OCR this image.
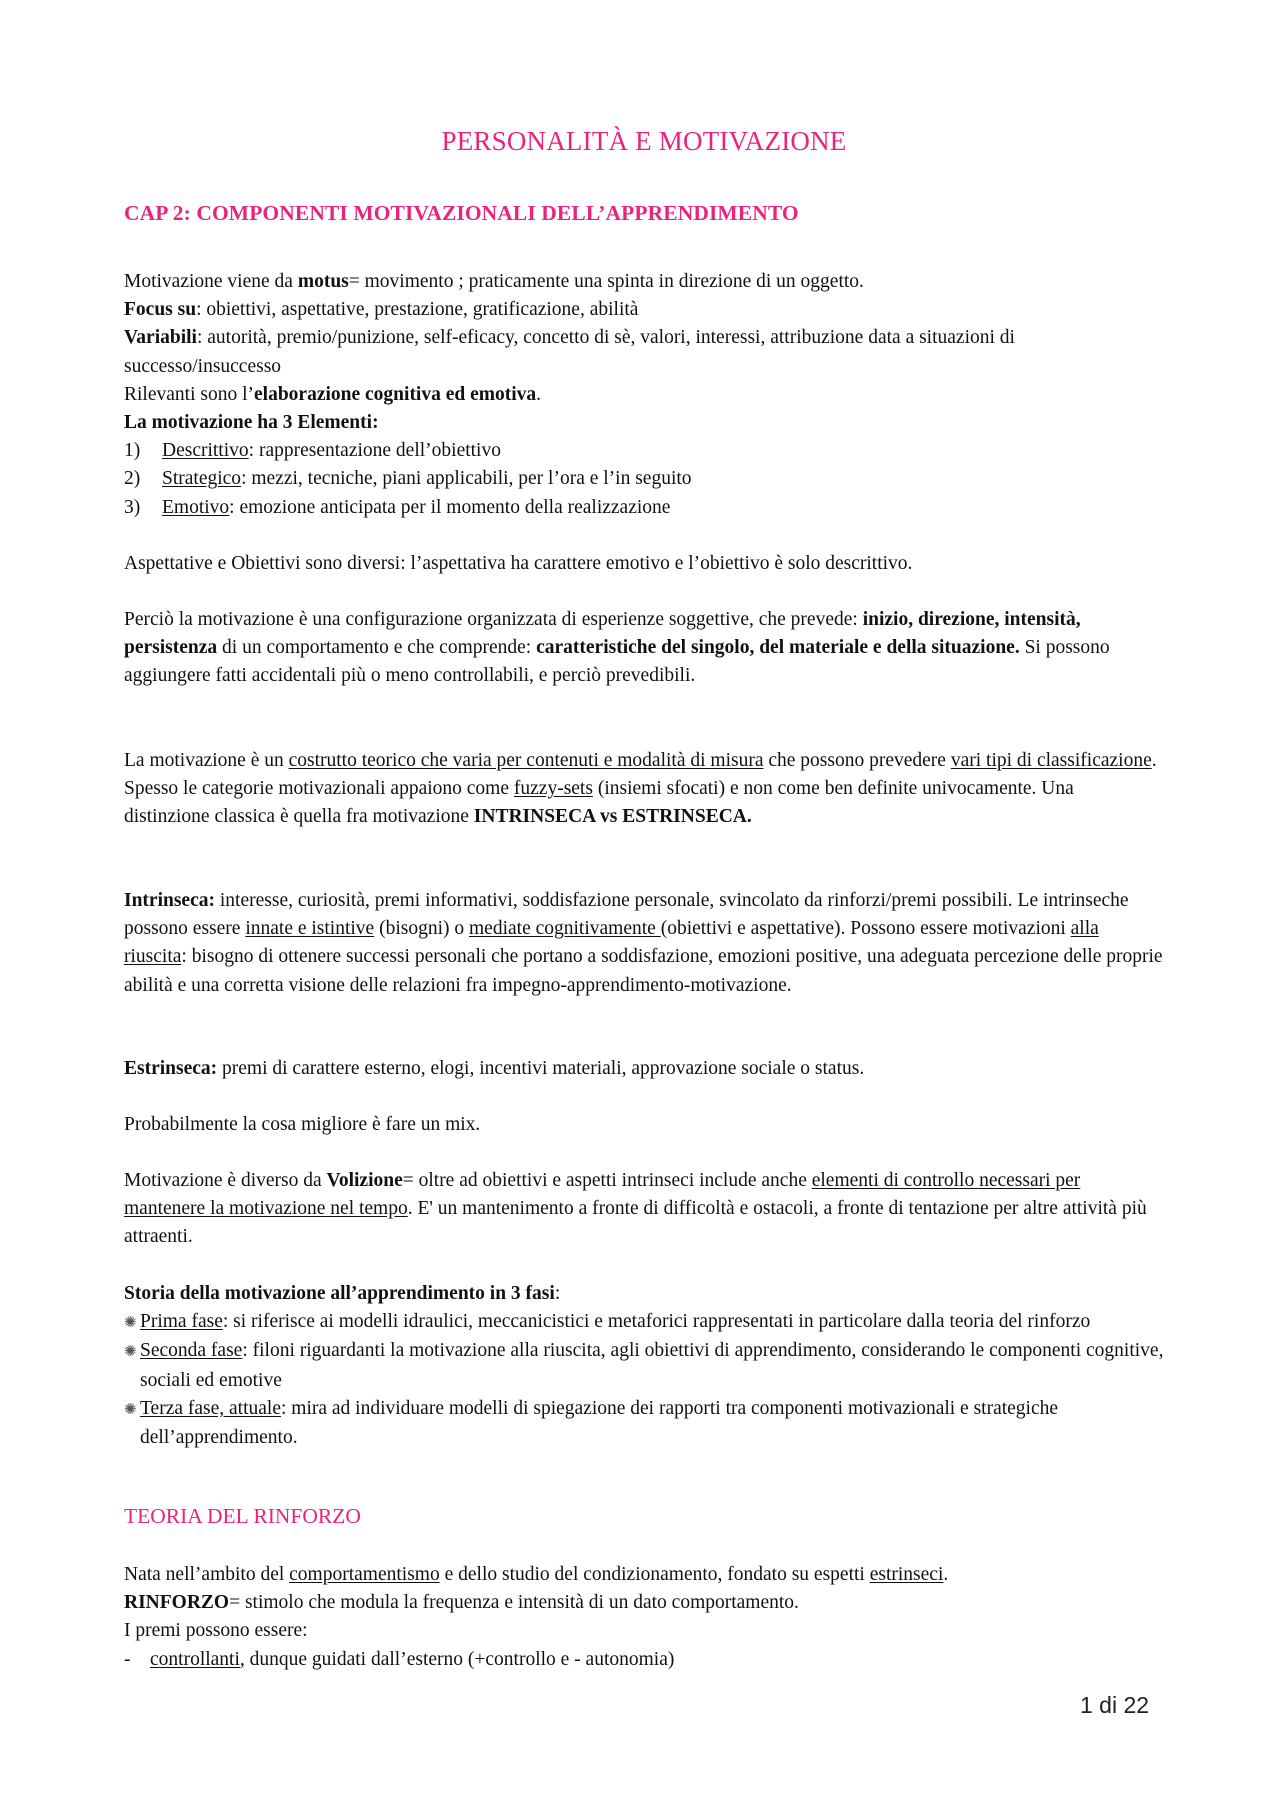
PERSONALITÀ E MOTIVAZIONE
CAP 2: COMPONENTI MOTIVAZIONALI DELL’APPRENDIMENTO

Motivazione viene da motus= movimento ; praticamente una spinta in direzione di un oggetto.

Focus su: obiettivi, aspettative, prestazione, gratificazione, abilità

Variabili: autorità, premio/punizione, self-eficacy, concetto di sè, valori, interessi, attribuzione data a situazioni di successo/insuccesso

Rilevanti sono l’elaborazione cognitiva ed emotiva.

La motivazione ha 3 Elementi:

1) Descrittivo: rappresentazione dell’obiettivo

2) Strategico: mezzi, tecniche, piani applicabili, per l’ora e l’in seguito

3) Emotivo: emozione anticipata per il momento della realizzazione

Aspettative e Obiettivi sono diversi: l’aspettativa ha carattere emotivo e l’obiettivo è solo descrittivo.

Perciò la motivazione è una configurazione organizzata di esperienze soggettive, che prevede: inizio, direzione, intensità, persistenza di un comportamento e che comprende: caratteristiche del singolo, del materiale e della situazione. Si possono aggiungere fatti accidentali più o meno controllabili, e perciò prevedibili.

La motivazione è un costrutto teorico che varia per contenuti e modalità di misura che possono prevedere vari tipi di classificazione. Spesso le categorie motivazionali appaiono come fuzzy-sets (insiemi sfocati) e non come ben definite univocamente. Una distinzione classica è quella fra motivazione INTRINSECA vs ESTRINSECA.

Intrinseca: interesse, curiosità, premi informativi, soddisfazione personale, svincolato da rinforzi/premi possibili. Le intrinseche possono essere innate e istintive (bisogni) o mediate cognitivamente (obiettivi e aspettative). Possono essere motivazioni alla riuscita: bisogno di ottenere successi personali che portano a soddisfazione, emozioni positive, una adeguata percezione delle proprie abilità e una corretta visione delle relazioni fra impegno-apprendimento-motivazione.

Estrinseca: premi di carattere esterno, elogi, incentivi materiali, approvazione sociale o status.

Probabilmente la cosa migliore è fare un mix.

Motivazione è diverso da Volizione= oltre ad obiettivi e aspetti intrinseci include anche elementi di controllo necessari per mantenere la motivazione nel tempo. E' un mantenimento a fronte di difficoltà e ostacoli, a fronte di tentazione per altre attività più attraenti.

Storia della motivazione all’apprendimento in 3 fasi:

✺ Prima fase: si riferisce ai modelli idraulici, meccanicistici e metaforici rappresentati in particolare dalla teoria del rinforzo

✺ Seconda fase: filoni riguardanti la motivazione alla riuscita, agli obiettivi di apprendimento, considerando le componenti cognitive, sociali ed emotive

✺ Terza fase, attuale: mira ad individuare modelli di spiegazione dei rapporti tra componenti motivazionali e strategiche dell’apprendimento.

TEORIA DEL RINFORZO

Nata nell’ambito del comportamentismo e dello studio del condizionamento, fondato su espetti estrinseci.

RINFORZO= stimolo che modula la frequenza e intensità di un dato comportamento.

I premi possono essere:

- controllanti, dunque guidati dall’esterno (+controllo e - autonomia)

1 di 22
